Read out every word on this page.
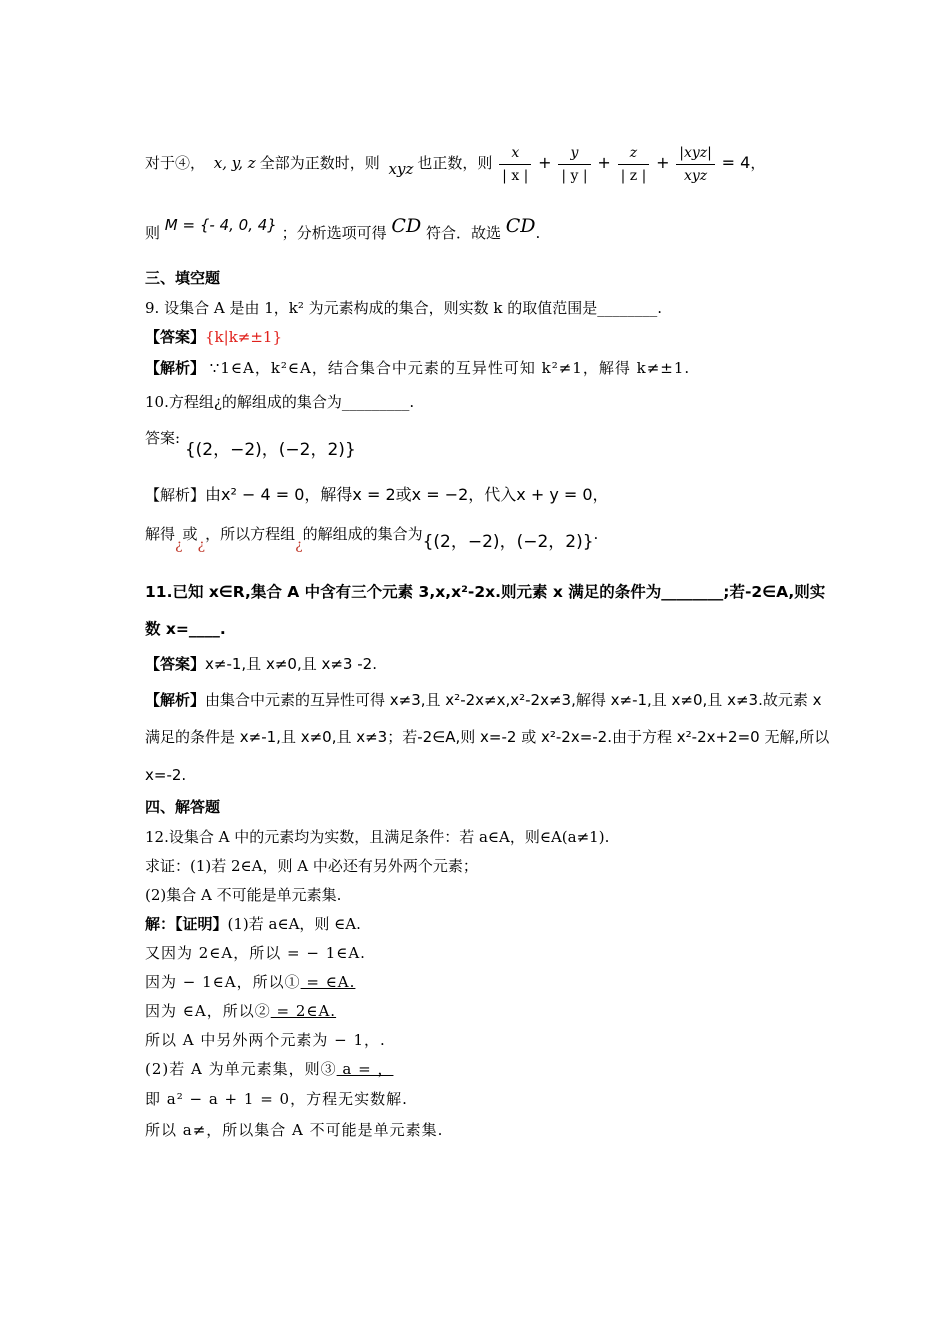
对于④， x, y, z 全部为正数时，则 xyz 也正数，则 $\frac{x}{| x |} + \frac{y}{| y |} + \frac{z}{| z |} + \frac{\text{|xyz|}}{\text{xyz}} = 4$，
则 M = {- 4, 0, 4} ；分析选项可得 CD 符合．故选 CD.
三、填空题
9. 设集合 A 是由 1，k² 为元素构成的集合，则实数 k 的取值范围是________.
【答案】{k|k≠±1}
【解析】 ∵1∈A，k²∈A，结合集合中元素的互异性可知 k²≠1，解得 k≠±1.
10.方程组¿的解组成的集合为_________.
答案: {(2，−2)，(−2，2)}
【解析】由x² − 4 = 0，解得x = 2或x = −2，代入x + y = 0，
解得¿或¿，所以方程组¿的解组成的集合为{(2，−2)，(−2，2)}.
11.已知 x∈R,集合 A 中含有三个元素 3,x,x²-2x.则元素 x 满足的条件为________;若-2∈A,则实
数 x=____.
【答案】x≠-1,且 x≠0,且 x≠3 -2.
【解析】由集合中元素的互异性可得 x≠3,且 x²-2x≠x,x²-2x≠3,解得 x≠-1,且 x≠0,且 x≠3.故元素 x
满足的条件是 x≠-1,且 x≠0,且 x≠3；若-2∈A,则 x=-2 或 x²-2x=-2.由于方程 x²-2x+2=0 无解,所以
x=-2.
四、解答题
12.设集合 A 中的元素均为实数，且满足条件：若 a∈A，则∈A(a≠1).
求证：(1)若 2∈A，则 A 中必还有另外两个元素；
(2)集合 A 不可能是单元素集.
解：【证明】(1)若 a∈A，则 ∈A.
又因为 2∈A，所以 = − 1∈A.
因为 − 1∈A，所以① = ∈A.
因为 ∈A，所以② = 2∈A.
所以 A 中另外两个元素为 − 1，.
(2)若 A 为单元素集，则③ a = ，
即 a² − a + 1 = 0，方程无实数解.
所以 a≠，所以集合 A 不可能是单元素集.
